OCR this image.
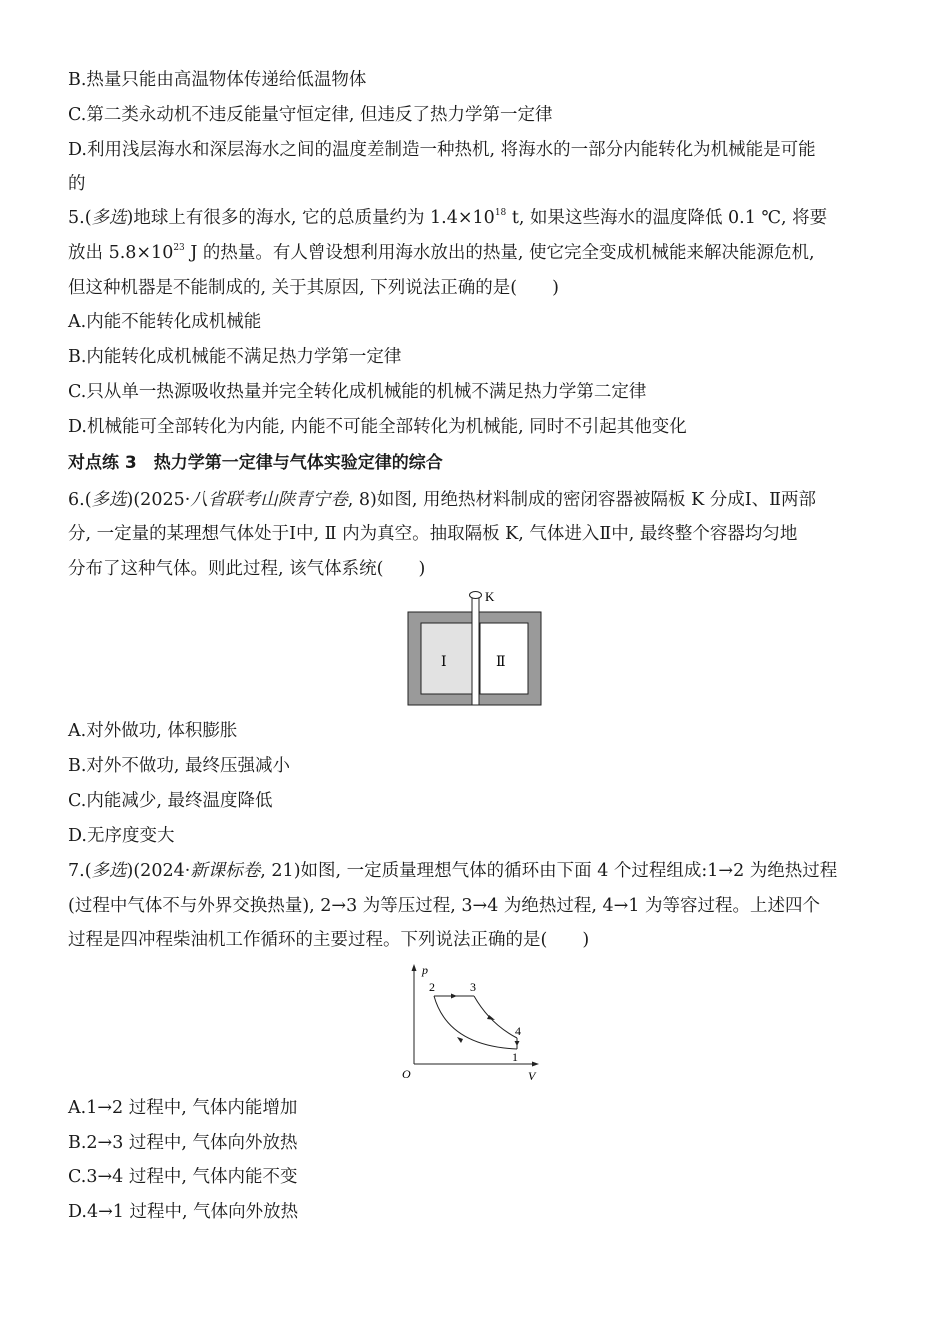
B.热量只能由高温物体传递给低温物体
C.第二类永动机不违反能量守恒定律, 但违反了热力学第一定律
D.利用浅层海水和深层海水之间的温度差制造一种热机, 将海水的一部分内能转化为机械能是可能
的
5.(多选)地球上有很多的海水, 它的总质量约为 $1.4\times 10^{18}$ t, 如果这些海水的温度降低 0.1 ℃, 将要
放出 $5.8\times 10^{23}$ J 的热量。有人曾设想利用海水放出的热量, 使它完全变成机械能来解决能源危机,
但这种机器是不能制成的, 关于其原因, 下列说法正确的是(　　)
A.内能不能转化成机械能
B.内能转化成机械能不满足热力学第一定律
C.只从单一热源吸收热量并完全转化成机械能的机械不满足热力学第二定律
D.机械能可全部转化为内能, 内能不可能全部转化为机械能, 同时不引起其他变化
对点练 3　热力学第一定律与气体实验定律的综合
6.(多选)(2025·八省联考山陕青宁卷, 8)如图, 用绝热材料制成的密闭容器被隔板 K 分成Ⅰ、Ⅱ两部
分, 一定量的某理想气体处于Ⅰ中, Ⅱ 内为真空。抽取隔板 K, 气体进入Ⅱ中, 最终整个容器均匀地
分布了这种气体。则此过程, 该气体系统(　　)
K
Ⅰ	Ⅱ
A.对外做功, 体积膨胀
B.对外不做功, 最终压强减小
C.内能减少, 最终温度降低
D.无序度变大
7.(多选)(2024·新课标卷, 21)如图, 一定质量理想气体的循环由下面 4 个过程组成:1→2 为绝热过程
(过程中气体不与外界交换热量), 2→3 为等压过程, 3→4 为绝热过程, 4→1 为等容过程。上述四个
过程是四冲程柴油机工作循环的主要过程。下列说法正确的是(　　)
p
V
O
2	3
4
1
A.1→2 过程中, 气体内能增加
B.2→3 过程中, 气体向外放热
C.3→4 过程中, 气体内能不变
D.4→1 过程中, 气体向外放热
